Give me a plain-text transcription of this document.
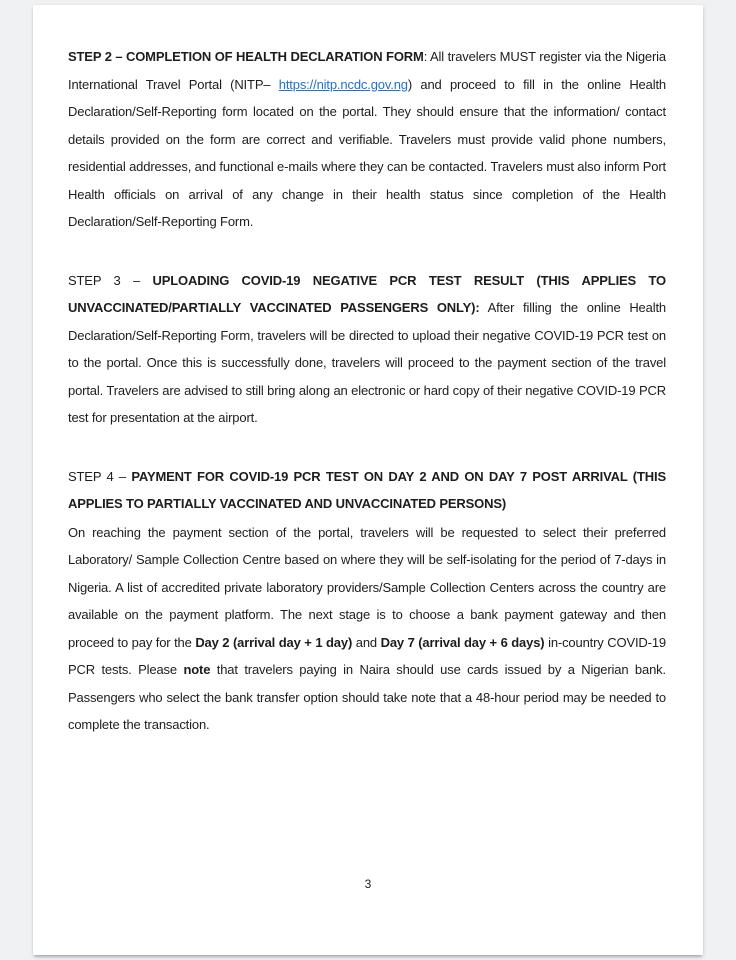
STEP 2 – COMPLETION OF HEALTH DECLARATION FORM: All travelers MUST register via the Nigeria International Travel Portal (NITP– https://nitp.ncdc.gov.ng) and proceed to fill in the online Health Declaration/Self-Reporting form located on the portal. They should ensure that the information/ contact details provided on the form are correct and verifiable. Travelers must provide valid phone numbers, residential addresses, and functional e-mails where they can be contacted. Travelers must also inform Port Health officials on arrival of any change in their health status since completion of the Health Declaration/Self-Reporting Form.

STEP 3 – UPLOADING COVID-19 NEGATIVE PCR TEST RESULT (THIS APPLIES TO UNVACCINATED/PARTIALLY VACCINATED PASSENGERS ONLY): After filling the online Health Declaration/Self-Reporting Form, travelers will be directed to upload their negative COVID-19 PCR test on to the portal. Once this is successfully done, travelers will proceed to the payment section of the travel portal. Travelers are advised to still bring along an electronic or hard copy of their negative COVID-19 PCR test for presentation at the airport.

STEP 4 – PAYMENT FOR COVID-19 PCR TEST ON DAY 2 AND ON DAY 7 POST ARRIVAL (THIS APPLIES TO PARTIALLY VACCINATED AND UNVACCINATED PERSONS)

On reaching the payment section of the portal, travelers will be requested to select their preferred Laboratory/ Sample Collection Centre based on where they will be self-isolating for the period of 7-days in Nigeria. A list of accredited private laboratory providers/Sample Collection Centers across the country are available on the payment platform. The next stage is to choose a bank payment gateway and then proceed to pay for the Day 2 (arrival day + 1 day) and Day 7 (arrival day + 6 days) in-country COVID-19 PCR tests. Please note that travelers paying in Naira should use cards issued by a Nigerian bank. Passengers who select the bank transfer option should take note that a 48-hour period may be needed to complete the transaction.

3
